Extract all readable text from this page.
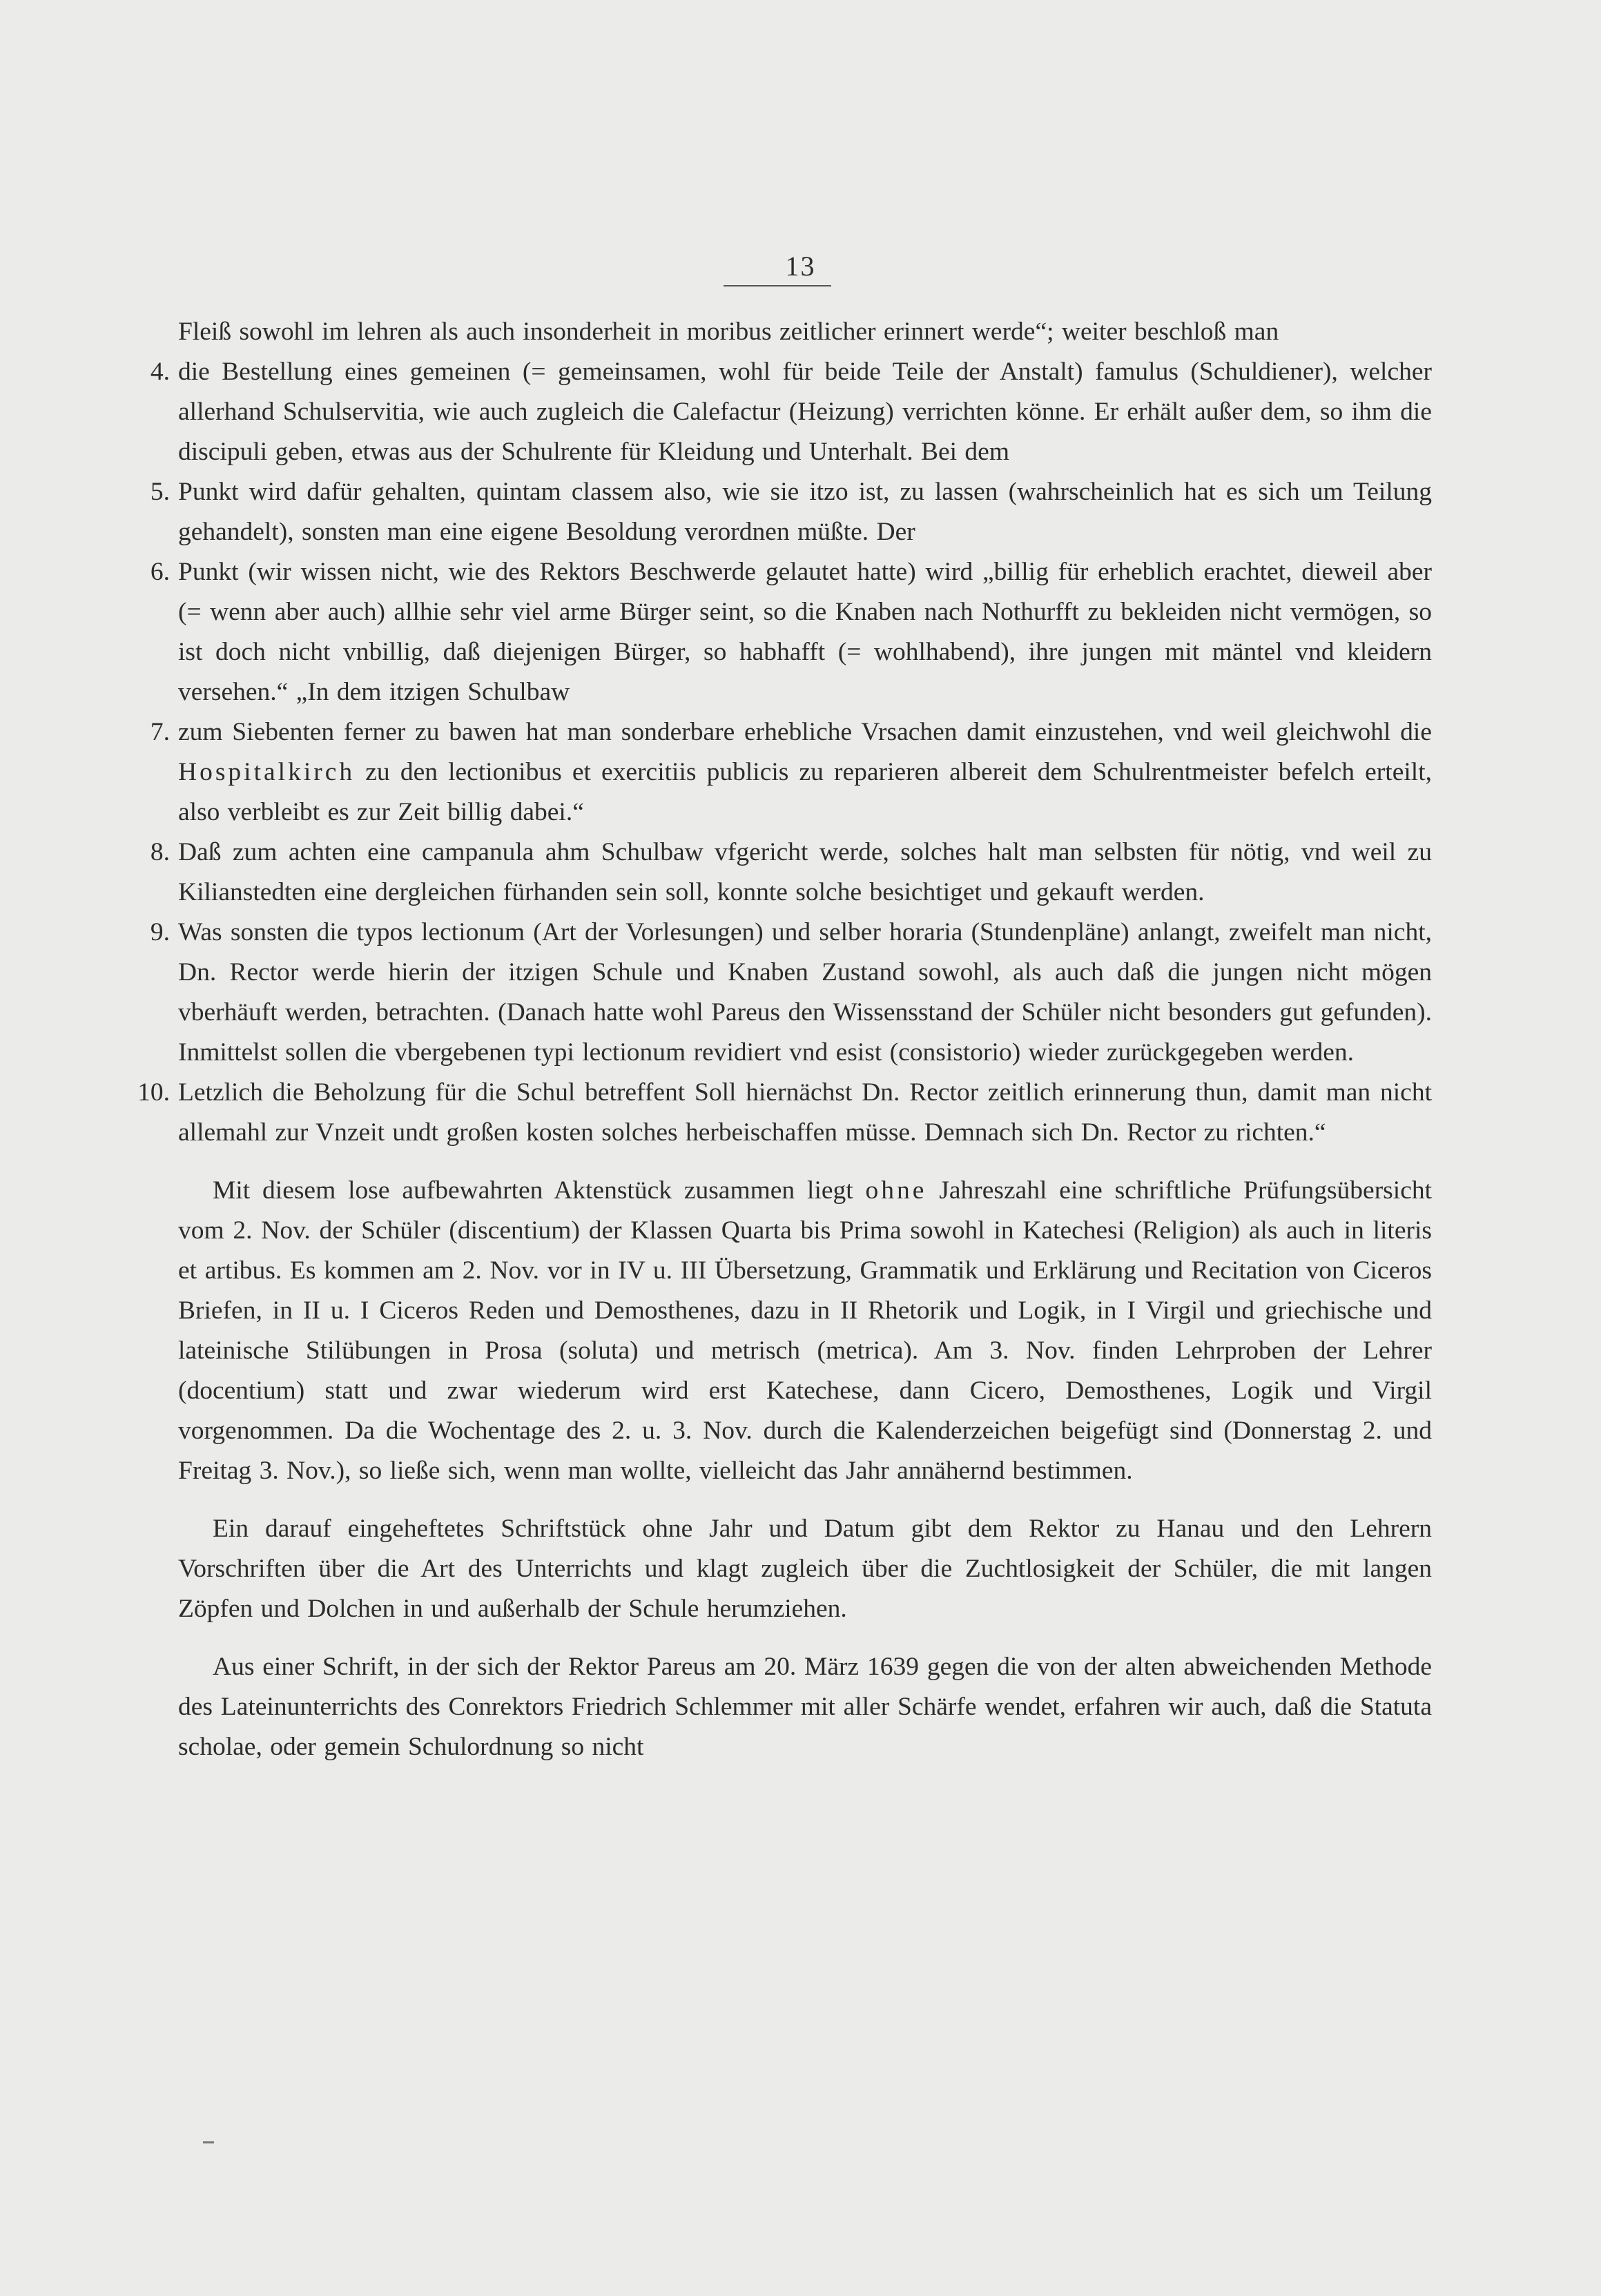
13

Fleiß sowohl im lehren als auch insonderheit in moribus zeitlicher erinnert werde“; weiter beschloß man

4. die Bestellung eines gemeinen (= gemeinsamen, wohl für beide Teile der Anstalt) famulus (Schuldiener), welcher allerhand Schulservitia, wie auch zugleich die Calefactur (Heizung) verrichten könne. Er erhält außer dem, so ihm die discipuli geben, etwas aus der Schulrente für Kleidung und Unterhalt. Bei dem

5. Punkt wird dafür gehalten, quintam classem also, wie sie itzo ist, zu lassen (wahrscheinlich hat es sich um Teilung gehandelt), sonsten man eine eigene Besoldung verordnen müßte. Der

6. Punkt (wir wissen nicht, wie des Rektors Beschwerde gelautet hatte) wird „billig für erheblich erachtet, dieweil aber (= wenn aber auch) allhie sehr viel arme Bürger seint, so die Knaben nach Nothurfft zu bekleiden nicht vermögen, so ist doch nicht vnbillig, daß diejenigen Bürger, so habhafft (= wohlhabend), ihre jungen mit mäntel vnd kleidern versehen.“ „In dem itzigen Schulbaw

7. zum Siebenten ferner zu bawen hat man sonderbare erhebliche Vrsachen damit einzustehen, vnd weil gleichwohl die Hospitalkirch zu den lectionibus et exercitiis publicis zu reparieren albereit dem Schulrentmeister befelch erteilt, also verbleibt es zur Zeit billig dabei.“

8. Daß zum achten eine campanula ahm Schulbaw vfgericht werde, solches halt man selbsten für nötig, vnd weil zu Kilianstedten eine dergleichen fürhanden sein soll, konnte solche besichtiget und gekauft werden.

9. Was sonsten die typos lectionum (Art der Vorlesungen) und selber horaria (Stundenpläne) anlangt, zweifelt man nicht, Dn. Rector werde hierin der itzigen Schule und Knaben Zustand sowohl, als auch daß die jungen nicht mögen vberhäuft werden, betrachten. (Danach hatte wohl Pareus den Wissensstand der Schüler nicht besonders gut gefunden). Inmittelst sollen die vbergebenen typi lectionum revidiert vnd esist (consistorio) wieder zurückgegeben werden.

10. Letzlich die Beholzung für die Schul betreffent Soll hiernächst Dn. Rector zeitlich erinnerung thun, damit man nicht allemahl zur Vnzeit undt großen kosten solches herbeischaffen müsse. Demnach sich Dn. Rector zu richten.“

Mit diesem lose aufbewahrten Aktenstück zusammen liegt ohne Jahreszahl eine schriftliche Prüfungsübersicht vom 2. Nov. der Schüler (discentium) der Klassen Quarta bis Prima sowohl in Katechesi (Religion) als auch in literis et artibus. Es kommen am 2. Nov. vor in IV u. III Übersetzung, Grammatik und Erklärung und Recitation von Ciceros Briefen, in II u. I Ciceros Reden und Demosthenes, dazu in II Rhetorik und Logik, in I Virgil und griechische und lateinische Stilübungen in Prosa (soluta) und metrisch (metrica). Am 3. Nov. finden Lehrproben der Lehrer (docentium) statt und zwar wiederum wird erst Katechese, dann Cicero, Demosthenes, Logik und Virgil vorgenommen. Da die Wochentage des 2. u. 3. Nov. durch die Kalenderzeichen beigefügt sind (Donnerstag 2. und Freitag 3. Nov.), so ließe sich, wenn man wollte, vielleicht das Jahr annähernd bestimmen.

Ein darauf eingeheftetes Schriftstück ohne Jahr und Datum gibt dem Rektor zu Hanau und den Lehrern Vorschriften über die Art des Unterrichts und klagt zugleich über die Zuchtlosigkeit der Schüler, die mit langen Zöpfen und Dolchen in und außerhalb der Schule herumziehen.

Aus einer Schrift, in der sich der Rektor Pareus am 20. März 1639 gegen die von der alten abweichenden Methode des Lateinunterrichts des Conrektors Friedrich Schlemmer mit aller Schärfe wendet, erfahren wir auch, daß die Statuta scholae, oder gemein Schulordnung so nicht
